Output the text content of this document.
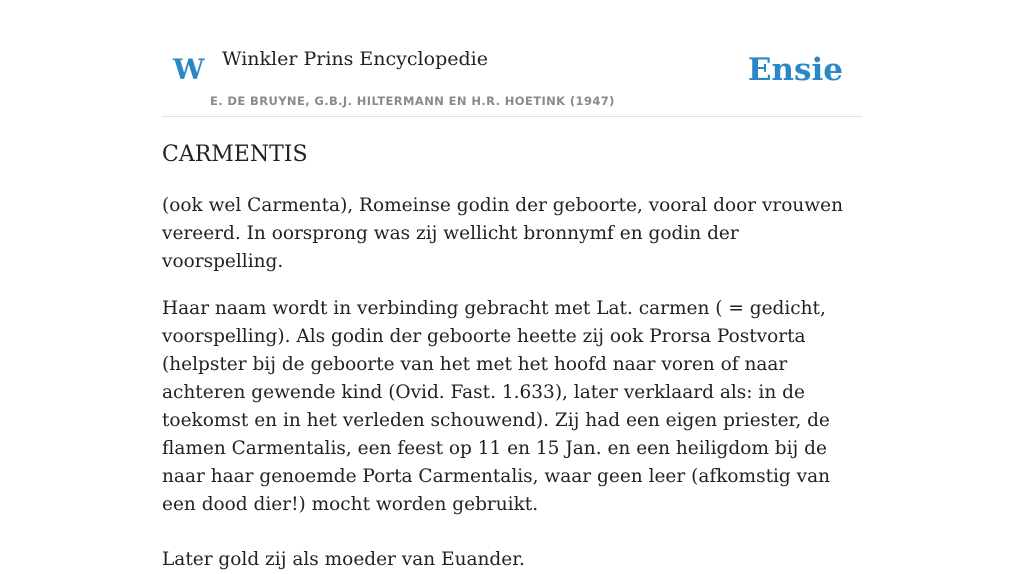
W Winkler Prins Encyclopedie
E. DE BRUYNE, G.B.J. HILTERMANN EN H.R. HOETINK (1947)
Ensie
CARMENTIS

(ook wel Carmenta), Romeinse godin der geboorte, vooral door vrouwen vereerd. In oorsprong was zij wellicht bronnymf en godin der voorspelling.

Haar naam wordt in verbinding gebracht met Lat. carmen ( = gedicht, voorspelling). Als godin der geboorte heette zij ook Prorsa Postvorta (helpster bij de geboorte van het met het hoofd naar voren of naar achteren gewende kind (Ovid. Fast. 1.633), later verklaard als: in de toekomst en in het verleden schouwend). Zij had een eigen priester, de flamen Carmentalis, een feest op 11 en 15 Jan. en een heiligdom bij de naar haar genoemde Porta Carmentalis, waar geen leer (afkomstig van een dood dier!) mocht worden gebruikt.

Later gold zij als moeder van Euander.
